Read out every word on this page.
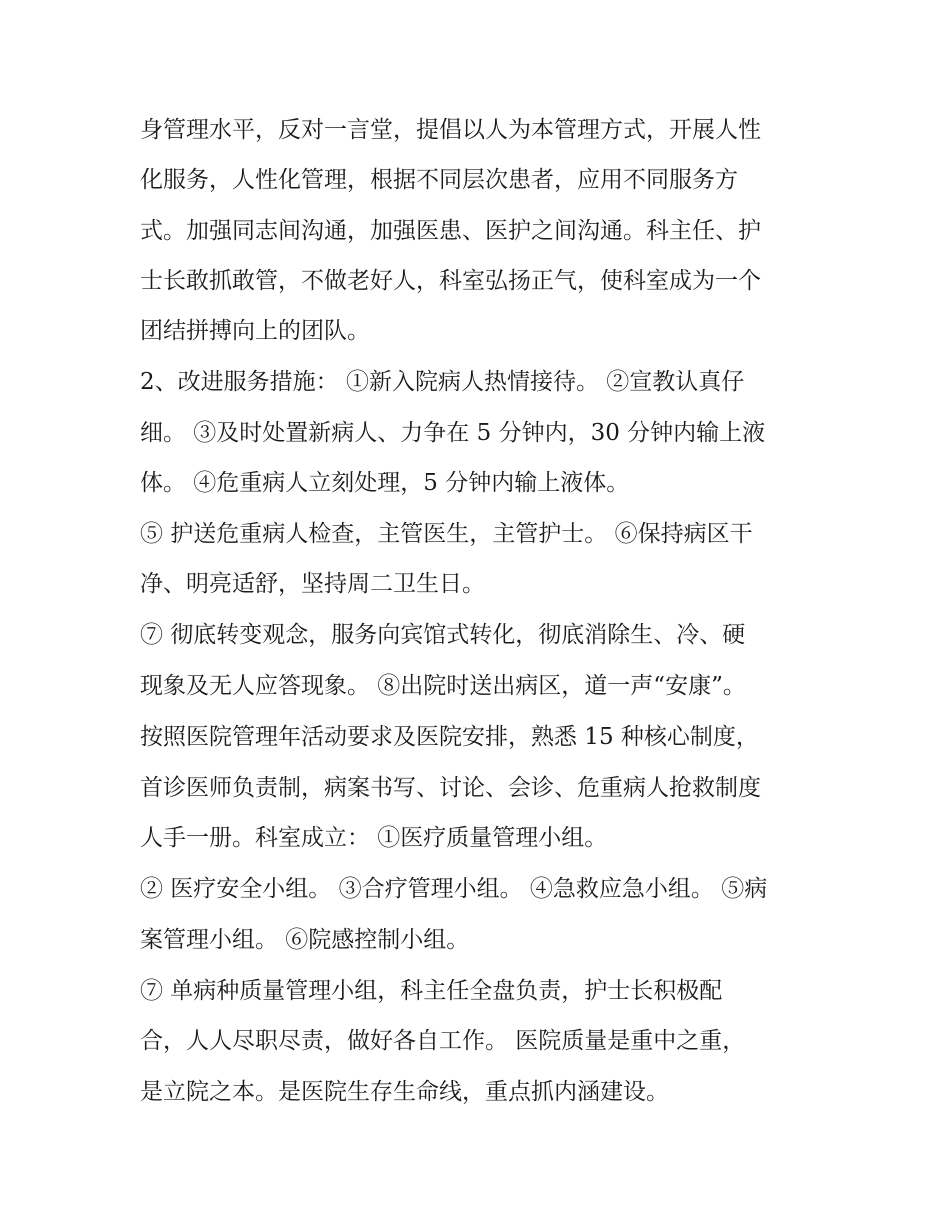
身管理水平，反对一言堂，提倡以人为本管理方式，开展人性
化服务，人性化管理，根据不同层次患者，应用不同服务方
式。加强同志间沟通，加强医患、医护之间沟通。科主任、护
士长敢抓敢管，不做老好人，科室弘扬正气，使科室成为一个
团结拼搏向上的团队。
2、改进服务措施： ①新入院病人热情接待。 ②宣教认真仔
细。 ③及时处置新病人、力争在 5 分钟内，30 分钟内输上液
体。 ④危重病人立刻处理，5 分钟内输上液体。
⑤ 护送危重病人检查，主管医生，主管护士。 ⑥保持病区干
净、明亮适舒，坚持周二卫生日。
⑦ 彻底转变观念，服务向宾馆式转化，彻底消除生、冷、硬
现象及无人应答现象。 ⑧出院时送出病区，道一声“安康”。
按照医院管理年活动要求及医院安排，熟悉 15 种核心制度，
首诊医师负责制，病案书写、讨论、会诊、危重病人抢救制度
人手一册。科室成立： ①医疗质量管理小组。
② 医疗安全小组。 ③合疗管理小组。 ④急救应急小组。 ⑤病
案管理小组。 ⑥院感控制小组。
⑦ 单病种质量管理小组，科主任全盘负责，护士长积极配
合，人人尽职尽责，做好各自工作。 医院质量是重中之重，
是立院之本。是医院生存生命线，重点抓内涵建设。
